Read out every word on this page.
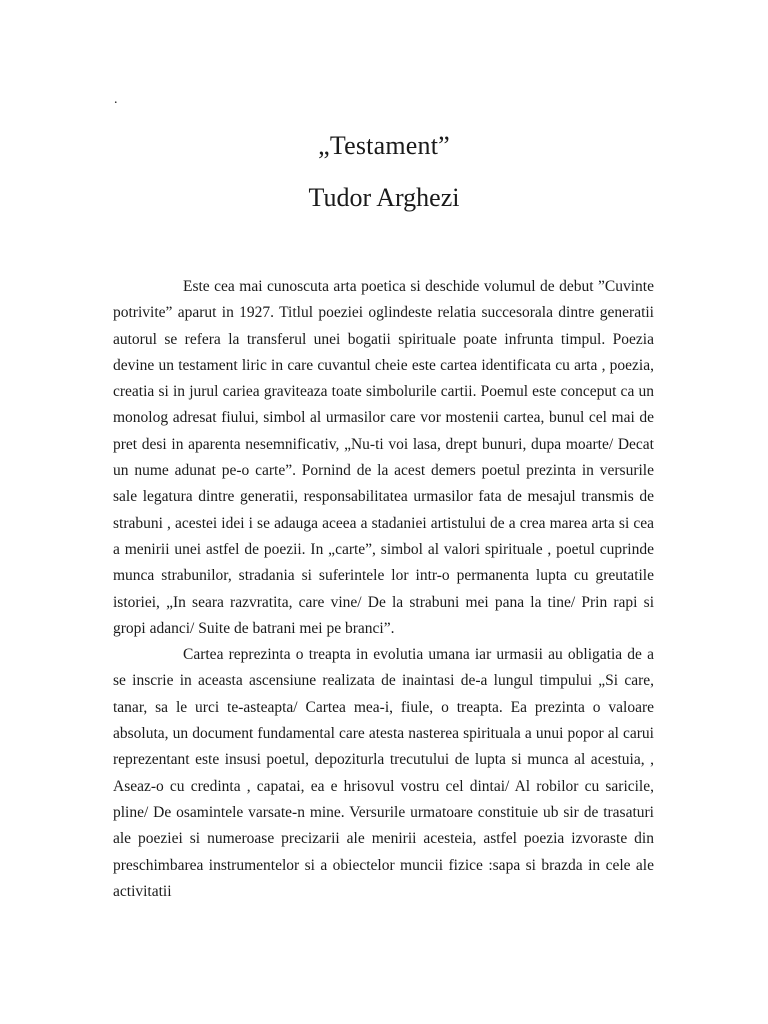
.
„Testament”
Tudor Arghezi

Este cea mai cunoscuta arta poetica si deschide volumul de debut ”Cuvinte potrivite” aparut in 1927. Titlul poeziei oglindeste relatia succesorala dintre generatii autorul se refera la transferul unei bogatii spirituale poate infrunta timpul. Poezia devine un testament liric in care cuvantul cheie este cartea identificata cu arta , poezia, creatia si in jurul cariea graviteaza toate simbolurile cartii. Poemul este conceput ca un monolog adresat fiului, simbol al urmasilor care vor mostenii cartea, bunul cel mai de pret desi in aparenta nesemnificativ, „Nu-ti voi lasa, drept bunuri, dupa moarte/ Decat un nume adunat pe-o carte”. Pornind de la acest demers poetul prezinta in versurile sale legatura dintre generatii, responsabilitatea urmasilor fata de mesajul transmis de strabuni , acestei idei i se adauga aceea a stadaniei artistului de a crea marea arta si cea a menirii unei astfel de poezii. In „carte”, simbol al valori spirituale , poetul cuprinde munca strabunilor, stradania si suferintele lor intr-o permanenta lupta cu greutatile istoriei, „In seara razvratita, care vine/ De la strabuni mei pana la tine/ Prin rapi si gropi adanci/ Suite de batrani mei pe branci”.

Cartea reprezinta o treapta in evolutia umana iar urmasii au obligatia de a se inscrie in aceasta ascensiune realizata de inaintasi de-a lungul timpului „Si care, tanar, sa le urci te-asteapta/ Cartea mea-i, fiule, o treapta. Ea prezinta o valoare absoluta, un document fundamental care atesta nasterea spirituala a unui popor al carui reprezentant este insusi poetul, depoziturla trecutului de lupta si munca al acestuia, , Aseaz-o cu credinta , capatai, ea e hrisovul vostru cel dintai/ Al robilor cu saricile, pline/ De osamintele varsate-n mine. Versurile urmatoare constituie ub sir de trasaturi ale poeziei si numeroase precizarii ale menirii acesteia, astfel poezia izvoraste din preschimbarea instrumentelor si a obiectelor muncii fizice :sapa si brazda in cele ale activitatii
